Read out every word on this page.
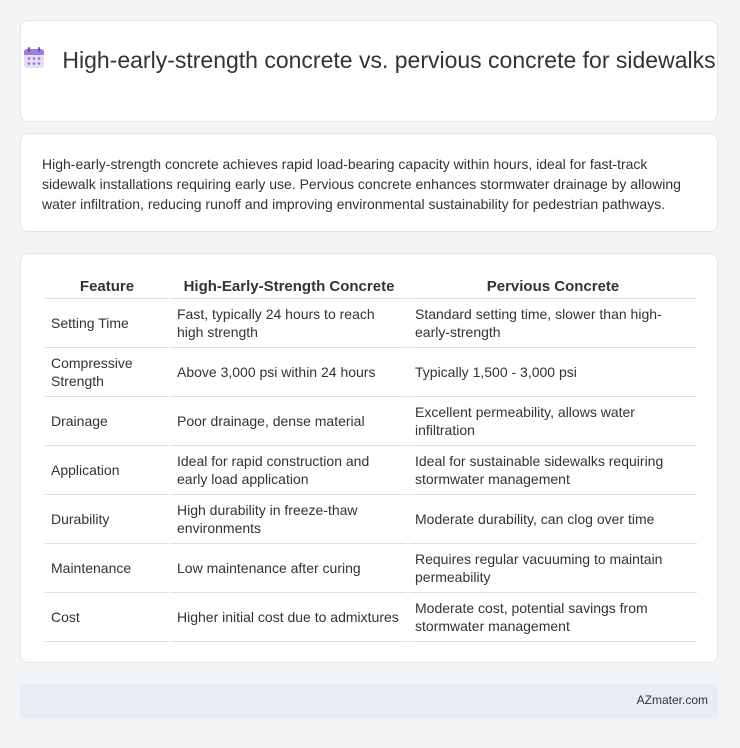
High-early-strength concrete vs. pervious concrete for sidewalks
High-early-strength concrete achieves rapid load-bearing capacity within hours, ideal for fast-track sidewalk installations requiring early use. Pervious concrete enhances stormwater drainage by allowing water infiltration, reducing runoff and improving environmental sustainability for pedestrian pathways.
Feature	High-Early-Strength Concrete	Pervious Concrete
Setting Time	Fast, typically 24 hours to reach high strength	Standard setting time, slower than high-early-strength
Compressive Strength	Above 3,000 psi within 24 hours	Typically 1,500 - 3,000 psi
Drainage	Poor drainage, dense material	Excellent permeability, allows water infiltration
Application	Ideal for rapid construction and early load application	Ideal for sustainable sidewalks requiring stormwater management
Durability	High durability in freeze-thaw environments	Moderate durability, can clog over time
Maintenance	Low maintenance after curing	Requires regular vacuuming to maintain permeability
Cost	Higher initial cost due to admixtures	Moderate cost, potential savings from stormwater management
AZmater.com
